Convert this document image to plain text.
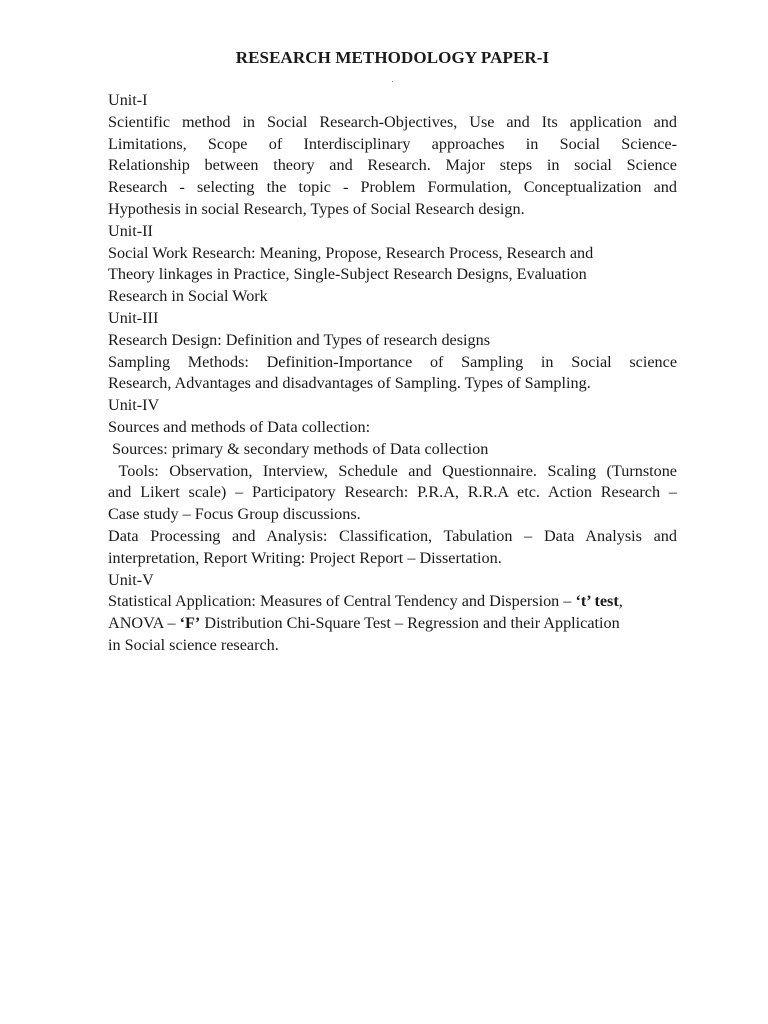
RESEARCH METHODOLOGY PAPER-I
.

Unit-I

Scientific method in Social Research-Objectives, Use and Its application and

Limitations, Scope of Interdisciplinary approaches in Social Science-

Relationship between theory and Research. Major steps in social Science

Research - selecting the topic - Problem Formulation, Conceptualization and

Hypothesis in social Research, Types of Social Research design.

Unit-II

Social Work Research: Meaning, Propose, Research Process, Research and

Theory linkages in Practice, Single-Subject Research Designs, Evaluation

Research in Social Work

Unit-III

Research Design: Definition and Types of research designs

Sampling Methods: Definition-Importance of Sampling in Social science

Research, Advantages and disadvantages of Sampling. Types of Sampling.

Unit-IV

Sources and methods of Data collection:

Sources: primary & secondary methods of Data collection

Tools: Observation, Interview, Schedule and Questionnaire. Scaling (Turnstone

and Likert scale) – Participatory Research: P.R.A, R.R.A etc. Action Research –

Case study – Focus Group discussions.

Data Processing and Analysis: Classification, Tabulation – Data Analysis and

interpretation, Report Writing: Project Report – Dissertation.

Unit-V

Statistical Application: Measures of Central Tendency and Dispersion – ‘t’ test,

ANOVA – ‘F’ Distribution Chi-Square Test – Regression and their Application

in Social science research.
